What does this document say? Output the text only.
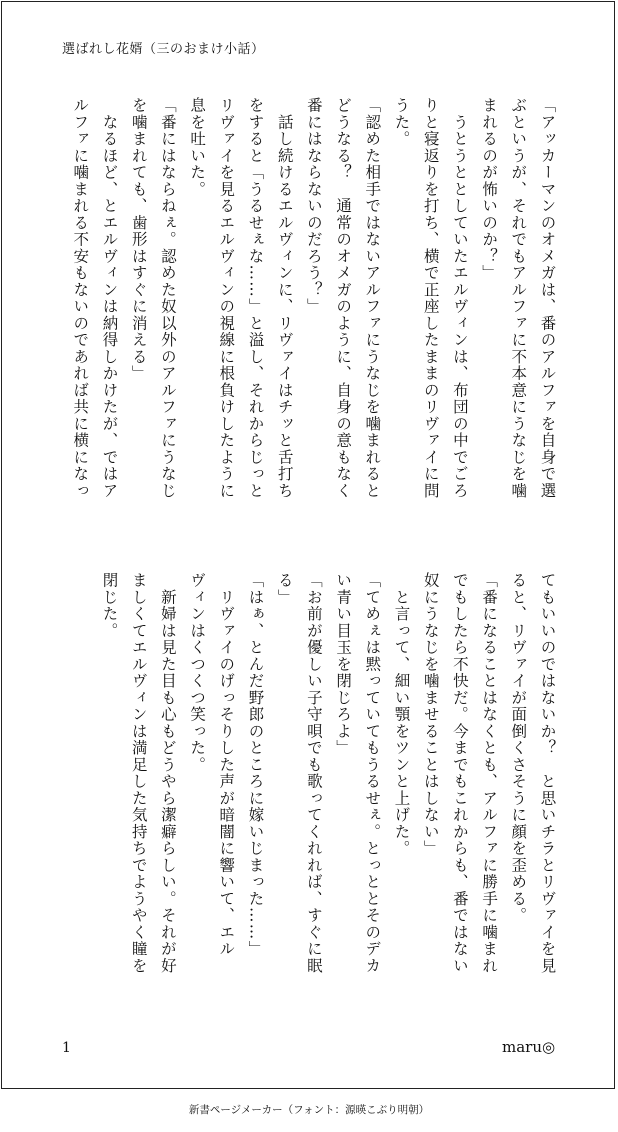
選ばれし花婿（三のおまけ小話）
「アッカーマンのオメガは、番のアルファを自身で選
ぶというが、それでもアルファに不本意にうなじを噛
まれるのが怖いのか？」
　うとうととしていたエルヴィンは、布団の中でごろ
りと寝返りを打ち、横で正座したままのリヴァイに問
うた。
「認めた相手ではないアルファにうなじを噛まれると
どうなる？　通常のオメガのように、自身の意もなく
番にはならないのだろう？」
　話し続けるエルヴィンに、リヴァイはチッと舌打ち
をすると「うるせぇな……」と溢し、それからじっと
リヴァイを見るエルヴィンの視線に根負けしたように
息を吐いた。
「番にはならねぇ。認めた奴以外のアルファにうなじ
を噛まれても、歯形はすぐに消える」
　なるほど、とエルヴィンは納得しかけたが、ではア
ルファに噛まれる不安もないのであれば共に横になっ
てもいいのではないか？　と思いチラとリヴァイを見
ると、リヴァイが面倒くさそうに顔を歪める。
「番になることはなくとも、アルファに勝手に噛まれ
でもしたら不快だ。今までもこれからも、番ではない
奴にうなじを噛ませることはしない」
　と言って、細い顎をツンと上げた。
「てめぇは黙っていてもうるせぇ。とっととそのデカ
い青い目玉を閉じろよ」
「お前が優しい子守唄でも歌ってくれれば、すぐに眠
る」
「はぁ、とんだ野郎のところに嫁いじまった……」
　リヴァイのげっそりした声が暗闇に響いて、エル
ヴィンはくつくつ笑った。
　新婦は見た目も心もどうやら潔癖らしい。それが好
ましくてエルヴィンは満足した気持ちでようやく瞳を
閉じた。
1	maru◎
新書ページメーカー（フォント：源暎こぶり明朝）
